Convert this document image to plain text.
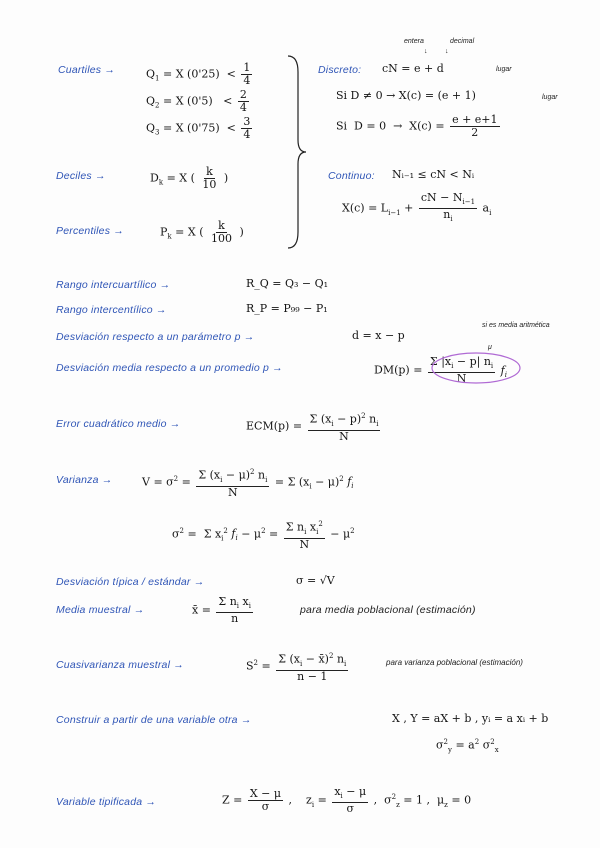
Cuartiles →	$Q_1 = X$ $(0'25) < \frac{1}{4}$
$Q_2 = X$ $(0'5) < \frac{2}{4}$
$Q_3 = X$ $(0'75) < \frac{3}{4}$
Deciles →	$D_k = X$ ( $\frac{k}{10}$ )
Percentiles →	$P_k = X$ ( $\frac{k}{100}$ )
entera	decimal
↓         ↓
lugar
lugar
Discreto: cN = e + d
Si D ≠ 0 → X(c) = (e + 1)
Si  $D = 0 \to X(c) = \frac{e + e+1}{2}$
Continuo: Nᵢ₋₁ ≤ cN < Nᵢ
$X(c) = L_{i-1} + \frac{cN - N_{i-1}}{n_i} a_i$
Rango intercuartílico →	R_Q = Q₃ − Q₁
Rango intercentílico →	R_P = P₉₉ − P₁
Desviación respecto a un parámetro p →	d = x − p
si es media aritmética
Desviación media respecto a un promedio p →	$DM(p) = \frac{\Sigma |x_i - p| n_i}{N} f_i$
μ
Error cuadrático medio →	$ECM(p) = \frac{\Sigma (x_i - p)^2 n_i}{N}$
Varianza →	$V = \sigma^2 = \frac{\Sigma (x_i - \mu)^2 n_i}{N} = \Sigma$ $(x_i - \mu)^2$ $f_i$
$\sigma^2 = \Sigma$ $x_i^2$ $f_i - \mu^2 = \frac{\Sigma n_i x_i^2}{N} - \mu^2$
Desviación típica / estándar →	σ = √V
Media muestral →	x̄ = $\frac{\Sigma n_i x_i}{n}$	para media poblacional (estimación)
Cuasivarianza muestral →	$S^2 = \frac{\Sigma (x_i - x̄)^2 n_i}{n - 1}$	para varianza poblacional (estimación)
Construir a partir de una variable otra →	X , Y = aX + b , yᵢ = a xᵢ + b
$\sigma^2_y = a^2$ $\sigma^2_x$
Variable tipificada →	$Z = \frac{X - \mu}{\sigma}$ ,    $z_i = \frac{x_i - \mu}{\sigma}$ ,  $\sigma^2_z = 1$ ,  $\mu_z = 0$
